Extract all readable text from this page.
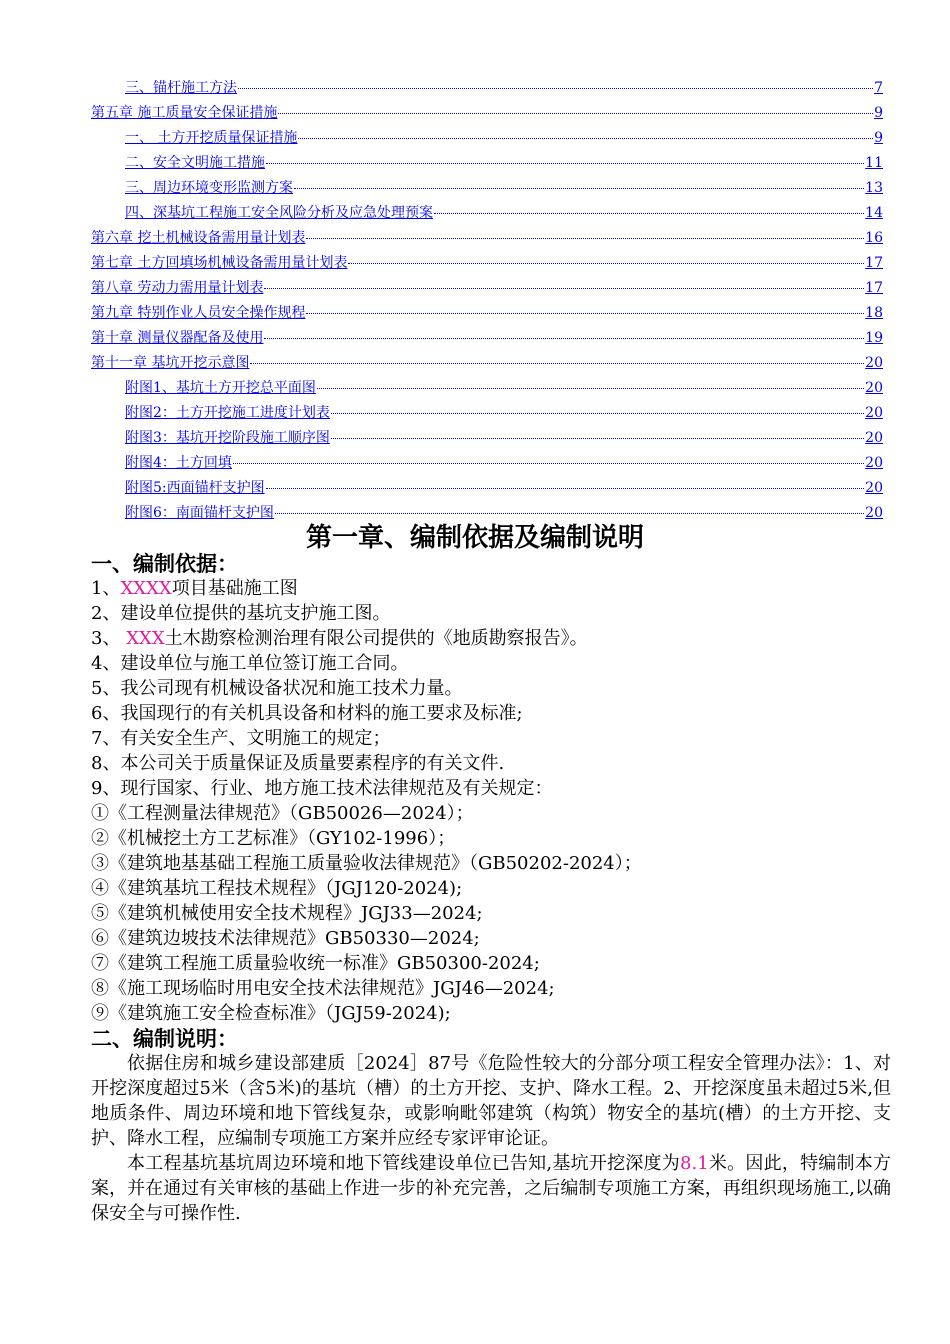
三、锚杆施工方法	7
第五章 施工质量安全保证措施	9
一、 土方开挖质量保证措施	9
二、安全文明施工措施	11
三、周边环境变形监测方案	13
四、深基坑工程施工安全风险分析及应急处理预案	14
第六章 挖土机械设备需用量计划表	16
第七章 土方回填场机械设备需用量计划表	17
第八章 劳动力需用量计划表	17
第九章 特别作业人员安全操作规程	18
第十章 测量仪器配备及使用	19
第十一章 基坑开挖示意图	20
附图1、基坑土方开挖总平面图	20
附图2：土方开挖施工进度计划表	20
附图3：基坑开挖阶段施工顺序图	20
附图4：土方回填	20
附图5:西面锚杆支护图	20
附图6：南面锚杆支护图	20
第一章、编制依据及编制说明
一、编制依据：

1、XXXX项目基础施工图

2、建设单位提供的基坑支护施工图。

3、 XXX土木勘察检测治理有限公司提供的《地质勘察报告》。

4、建设单位与施工单位签订施工合同。

5、我公司现有机械设备状况和施工技术力量。

6、我国现行的有关机具设备和材料的施工要求及标准;

7、有关安全生产、文明施工的规定；

8、本公司关于质量保证及质量要素程序的有关文件.

9、现行国家、行业、地方施工技术法律规范及有关规定：

①《工程测量法律规范》（GB50026—2024）；

②《机械挖土方工艺标准》（GY102-1996）；

③《建筑地基基础工程施工质量验收法律规范》（GB50202-2024）；

④《建筑基坑工程技术规程》（JGJ120-2024);

⑤《建筑机械使用安全技术规程》JGJ33—2024;

⑥《建筑边坡技术法律规范》GB50330—2024;

⑦《建筑工程施工质量验收统一标准》GB50300-2024;

⑧《施工现场临时用电安全技术法律规范》JGJ46—2024;

⑨《建筑施工安全检查标准》（JGJ59-2024);

二、编制说明：

依据住房和城乡建设部建质［2024］87号《危险性较大的分部分项工程安全管理办法》：1、对开挖深度超过5米（含5米)的基坑（槽）的土方开挖、支护、降水工程。2、开挖深度虽未超过5米,但地质条件、周边环境和地下管线复杂，或影响毗邻建筑（构筑）物安全的基坑(槽）的土方开挖、支护、降水工程，应编制专项施工方案并应经专家评审论证。

本工程基坑基坑周边环境和地下管线建设单位已告知,基坑开挖深度为8.1米。因此，特编制本方案，并在通过有关审核的基础上作进一步的补充完善，之后编制专项施工方案，再组织现场施工,以确保安全与可操作性.
